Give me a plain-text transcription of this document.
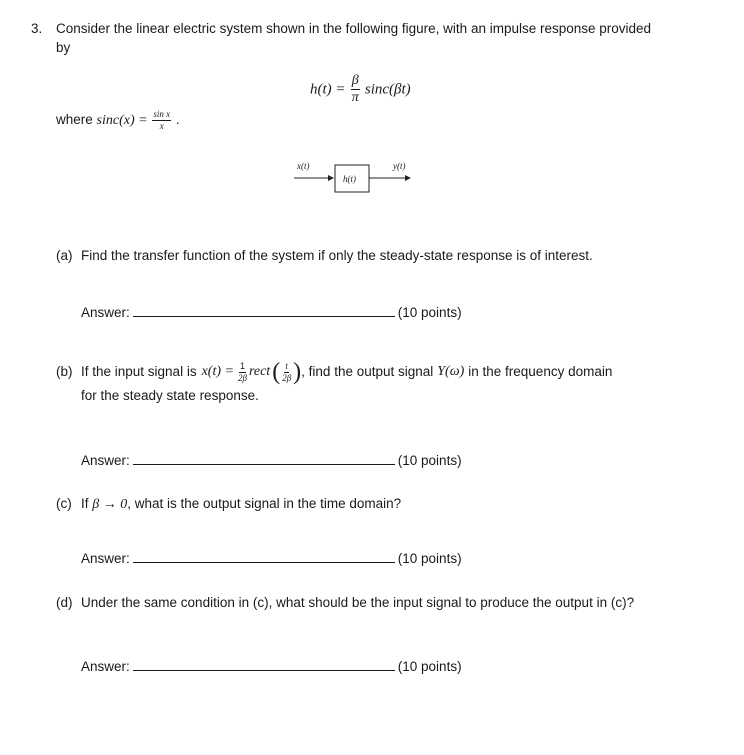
3. Consider the linear electric system shown in the following figure, with an impulse response provided
by
$h(t) = \frac{\beta}{\pi} \sin c(\beta t)$
where $\sin c(x) = \frac{\text{sin x}}{x}$ .
x(t)
h(t)
y(t)
(a) Find the transfer function of the system if only the steady-state response is of interest.
Answer:	(10 points)
(b) If the input signal is $x(t) = \frac{1}{2\beta}$ rect ( $\frac{t}{2\beta}$ ) , find the output signal Y(ω) in the frequency domain
for the steady state response.
Answer:	(10 points)
(c) If β → 0, what is the output signal in the time domain?
Answer:	(10 points)
(d) Under the same condition in (c), what should be the input signal to produce the output in (c)?
Answer:	(10 points)
